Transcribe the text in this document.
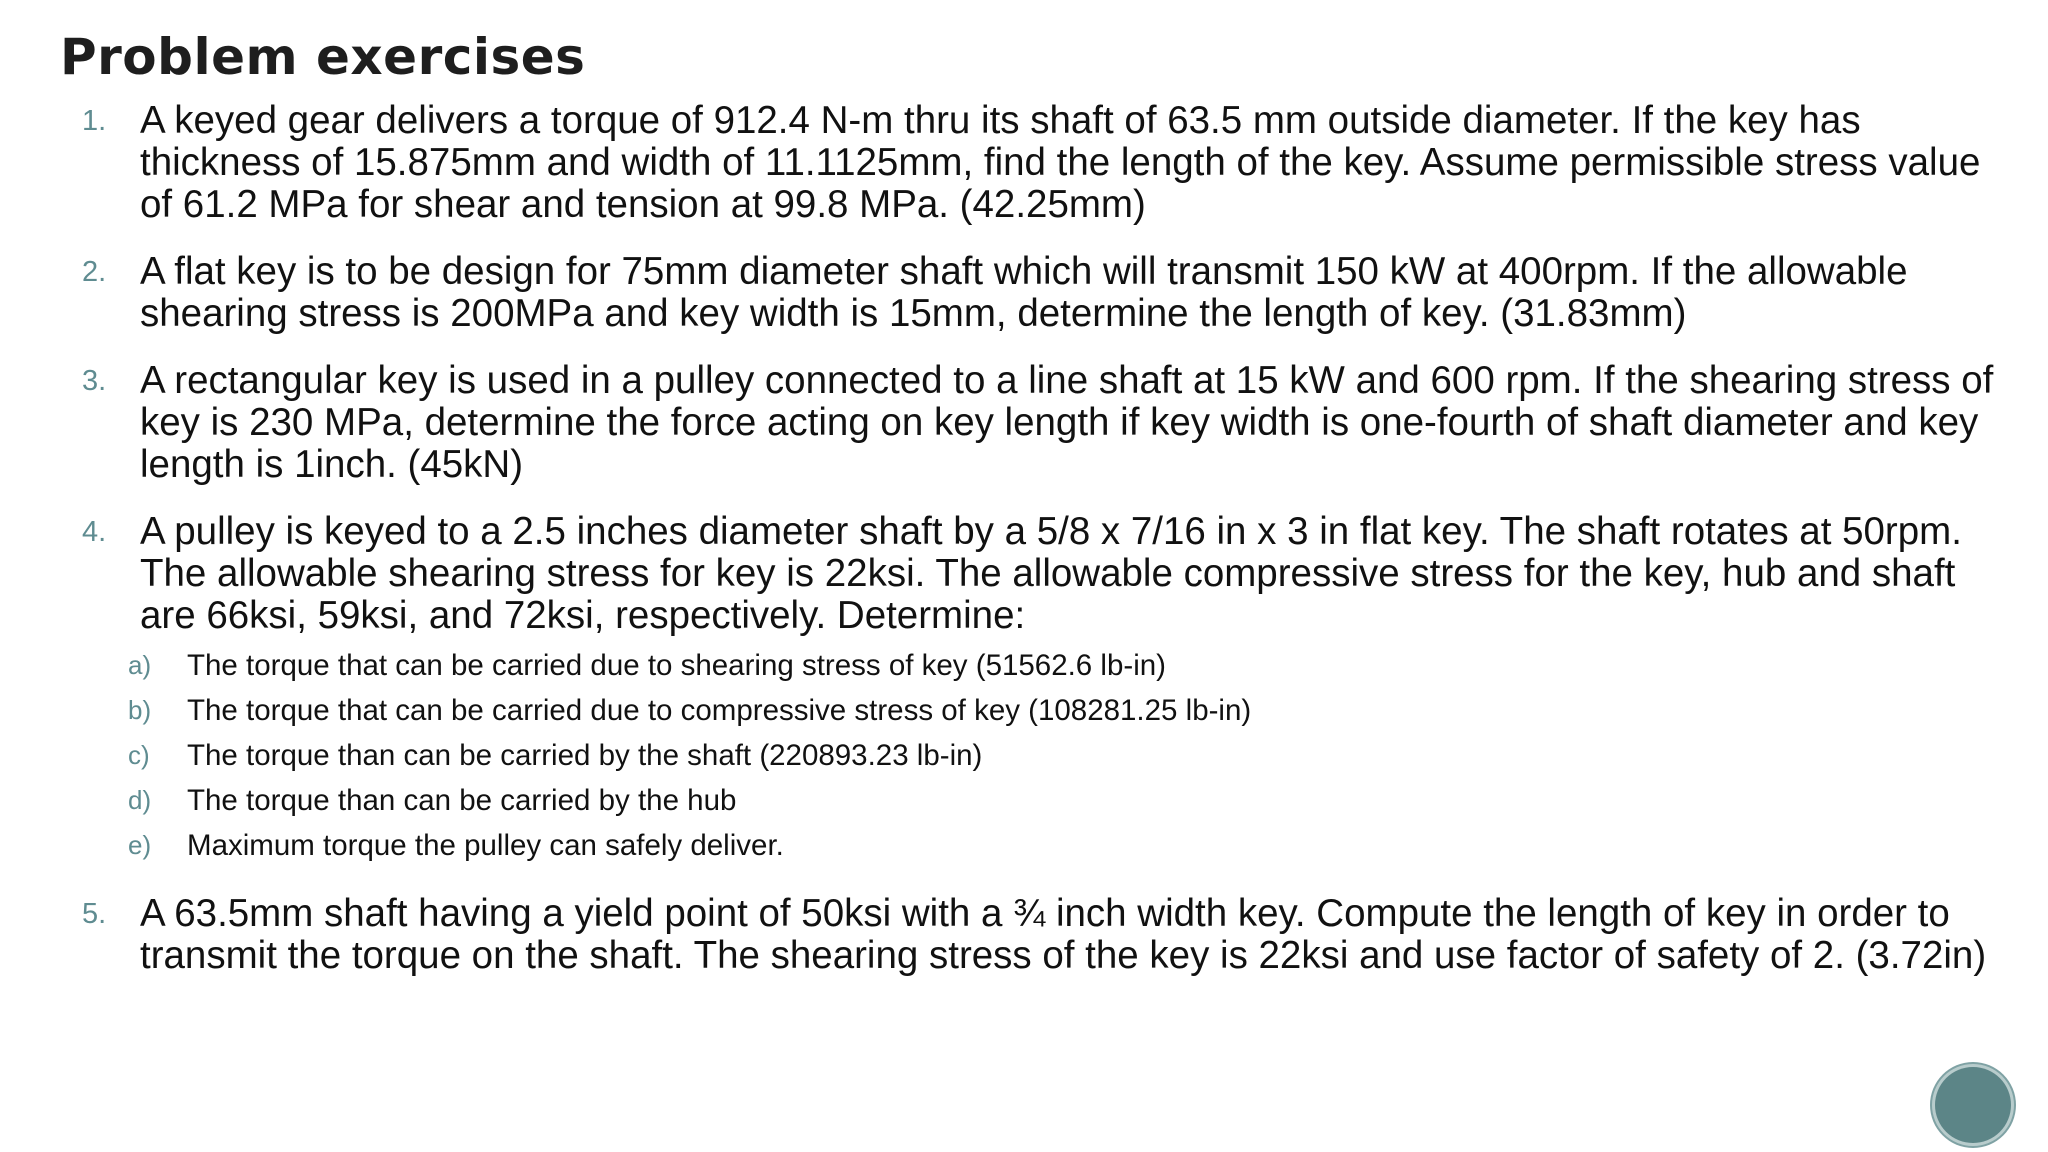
Problem exercises
1. A keyed gear delivers a torque of 912.4 N-m thru its shaft of 63.5 mm outside diameter. If the key has thickness of 15.875mm and width of 11.1125mm, find the length of the key. Assume permissible stress value of 61.2 MPa for shear and tension at 99.8 MPa. (42.25mm)
2. A flat key is to be design for 75mm diameter shaft which will transmit 150 kW at 400rpm. If the allowable shearing stress is 200MPa and key width is 15mm, determine the length of key. (31.83mm)
3. A rectangular key is used in a pulley connected to a line shaft at 15 kW and 600 rpm. If the shearing stress of key is 230 MPa, determine the force acting on key length if key width is one-fourth of shaft diameter and key length is 1inch. (45kN)
4. A pulley is keyed to a 2.5 inches diameter shaft by a 5/8 x 7/16 in x 3 in flat key. The shaft rotates at 50rpm. The allowable shearing stress for key is 22ksi. The allowable compressive stress for the key, hub and shaft are 66ksi, 59ksi, and 72ksi, respectively. Determine:
a) The torque that can be carried due to shearing stress of key (51562.6 lb-in)
b) The torque that can be carried due to compressive stress of key (108281.25 lb-in)
c) The torque than can be carried by the shaft (220893.23 lb-in)
d) The torque than can be carried by the hub
e) Maximum torque the pulley can safely deliver.
5. A 63.5mm shaft having a yield point of 50ksi with a ¾ inch width key. Compute the length of key in order to transmit the torque on the shaft. The shearing stress of the key is 22ksi and use factor of safety of 2. (3.72in)
